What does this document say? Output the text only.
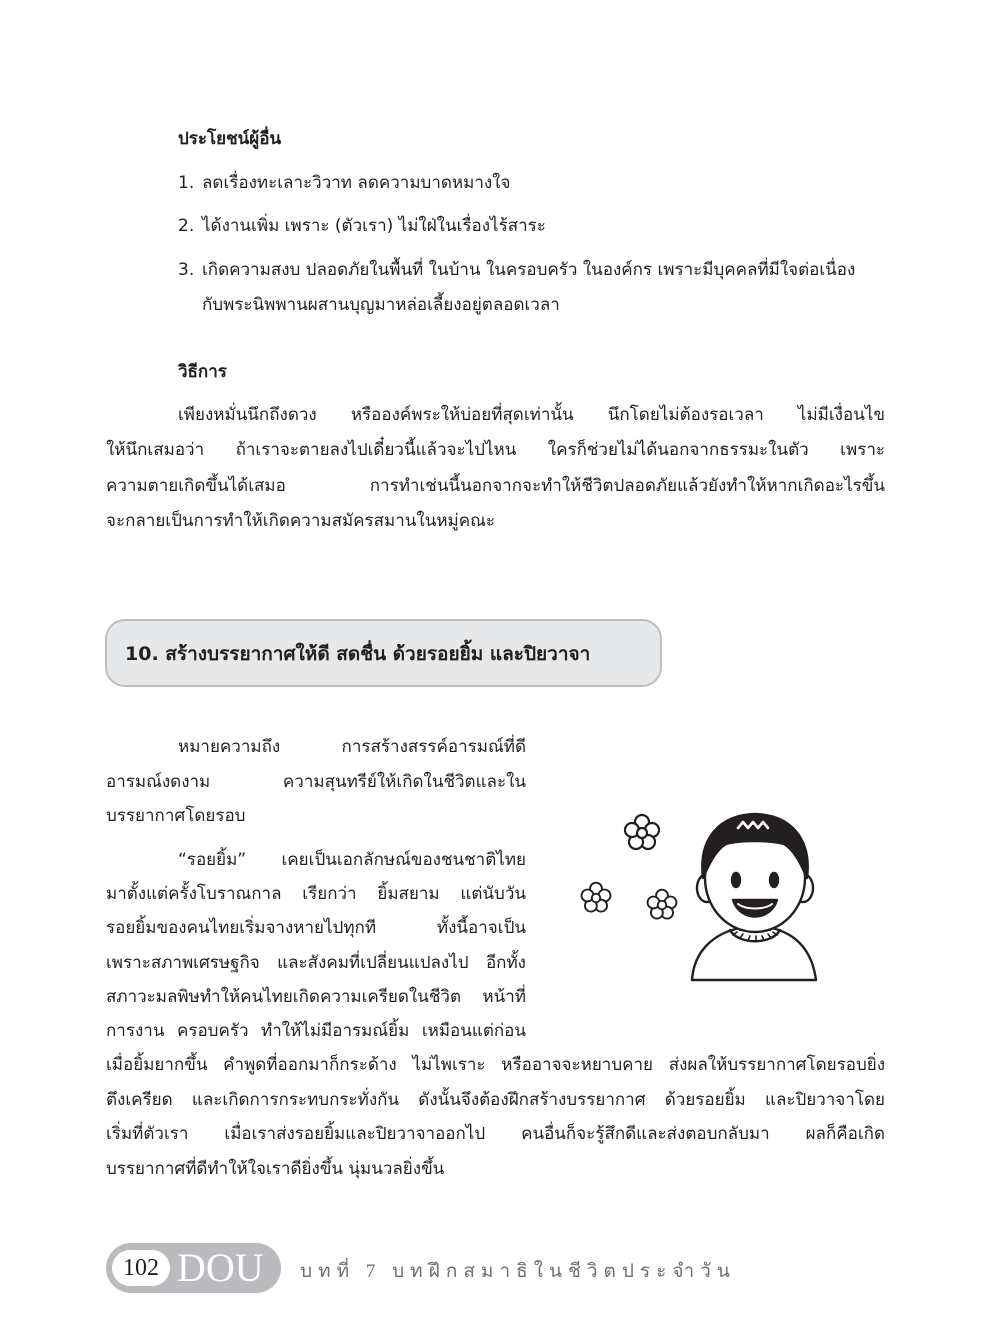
ประโยชน์ผู้อื่น
1. ลดเรื่องทะเลาะวิวาท ลดความบาดหมางใจ
2. ได้งานเพิ่ม เพราะ (ตัวเรา) ไม่ใฝ่ในเรื่องไร้สาระ
3. เกิดความสงบ ปลอดภัยในพื้นที่ ในบ้าน ในครอบครัว ในองค์กร เพราะมีบุคคลที่มีใจต่อเนื่อง
กับพระนิพพานผสานบุญมาหล่อเลี้ยงอยู่ตลอดเวลา
วิธีการ
เพียงหมั่นนึกถึงดวง หรือองค์พระให้บ่อยที่สุดเท่านั้น นึกโดยไม่ต้องรอเวลา ไม่มีเงื่อนไข
ให้นึกเสมอว่า ถ้าเราจะตายลงไปเดี๋ยวนี้แล้วจะไปไหน ใครก็ช่วยไม่ได้นอกจากธรรมะในตัว เพราะ
ความตายเกิดขึ้นได้เสมอ การทำเช่นนี้นอกจากจะทำให้ชีวิตปลอดภัยแล้วยังทำให้หากเกิดอะไรขึ้น
จะกลายเป็นการทำให้เกิดความสมัครสมานในหมู่คณะ
10. สร้างบรรยากาศให้ดี สดชื่น ด้วยรอยยิ้ม และปิยวาจา
หมายความถึง การสร้างสรรค์อารมณ์ที่ดี
อารมณ์งดงาม ความสุนทรีย์ให้เกิดในชีวิตและใน
บรรยากาศโดยรอบ
“รอยยิ้ม” เคยเป็นเอกลักษณ์ของชนชาติไทย
มาตั้งแต่ครั้งโบราณกาล เรียกว่า ยิ้มสยาม แต่นับวัน
รอยยิ้มของคนไทยเริ่มจางหายไปทุกที ทั้งนี้อาจเป็น
เพราะสภาพเศรษฐกิจ และสังคมที่เปลี่ยนแปลงไป อีกทั้ง
สภาวะมลพิษทำให้คนไทยเกิดความเครียดในชีวิต หน้าที่
การงาน ครอบครัว ทำให้ไม่มีอารมณ์ยิ้ม เหมือนแต่ก่อน
เมื่อยิ้มยากขึ้น คำพูดที่ออกมาก็กระด้าง ไม่ไพเราะ หรืออาจจะหยาบคาย ส่งผลให้บรรยากาศโดยรอบยิ่ง
ตึงเครียด และเกิดการกระทบกระทั่งกัน ดังนั้นจึงต้องฝึกสร้างบรรยากาศ ด้วยรอยยิ้ม และปิยวาจาโดย
เริ่มที่ตัวเรา เมื่อเราส่งรอยยิ้มและปิยวาจาออกไป คนอื่นก็จะรู้สึกดีและส่งตอบกลับมา ผลก็คือเกิด
บรรยากาศที่ดีทำให้ใจเราดียิ่งขึ้น นุ่มนวลยิ่งขึ้น
102 DOU บทที่ 7 บทฝึกสมาธิในชีวิตประจำวัน
